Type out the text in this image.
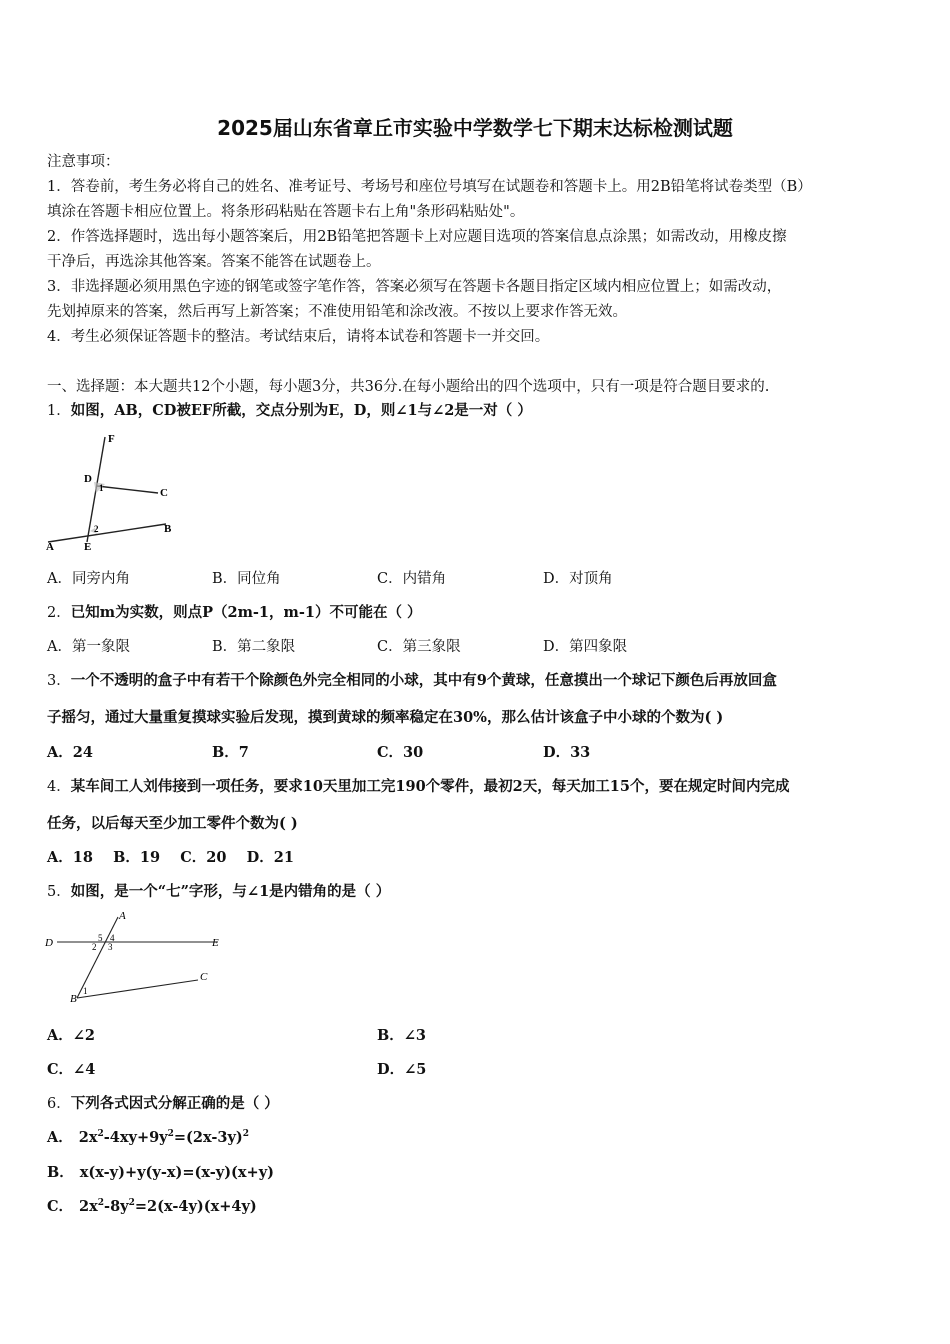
2025届山东省章丘市实验中学数学七下期末达标检测试题
注意事项：
1．答卷前，考生务必将自己的姓名、准考证号、考场号和座位号填写在试题卷和答题卡上。用2B铅笔将试卷类型（B）
填涂在答题卡相应位置上。将条形码粘贴在答题卡右上角"条形码粘贴处"。
2．作答选择题时，选出每小题答案后，用2B铅笔把答题卡上对应题目选项的答案信息点涂黑；如需改动，用橡皮擦
干净后，再选涂其他答案。答案不能答在试题卷上。
3．非选择题必须用黑色字迹的钢笔或签字笔作答，答案必须写在答题卡各题目指定区域内相应位置上；如需改动，
先划掉原来的答案，然后再写上新答案；不准使用铅笔和涂改液。不按以上要求作答无效。
4．考生必须保证答题卡的整洁。考试结束后，请将本试卷和答题卡一并交回。
一、选择题：本大题共12个小题，每小题3分，共36分.在每小题给出的四个选项中，只有一项是符合题目要求的.
1．如图，AB，CD被EF所截，交点分别为E，D，则∠1与∠2是一对（ ）
F
D
C
1
2	B
A	E
A．同旁内角	B．同位角	C．内错角	D．对顶角
2．已知m为实数，则点P（2m-1，m-1）不可能在（ ）
A．第一象限	B．第二象限	C．第三象限	D．第四象限
3．一个不透明的盒子中有若干个除颜色外完全相同的小球，其中有9个黄球，任意摸出一个球记下颜色后再放回盒
子摇匀，通过大量重复摸球实验后发现，摸到黄球的频率稳定在30%，那么估计该盒子中小球的个数为( )
A．24	B．7	C．30	D．33
4．某车间工人刘伟接到一项任务，要求10天里加工完190个零件，最初2天，每天加工15个，要在规定时间内完成
任务，以后每天至少加工零件个数为( )
A．18    B．19    C．20    D．21
5．如图，是一个“七”字形，与∠1是内错角的是（ ）
A
D	E
C
B
5 4
2 3
1
A．∠2	B．∠3
C．∠4	D．∠5
6．下列各式因式分解正确的是（ ）
A． $2x^2-4xy+9y^2=(2x-3y)^2$
B． x(x-y)+y(y-x)=(x-y)(x+y)
C． $2x^2-8y^2=2(x-4y)(x+4y)$
